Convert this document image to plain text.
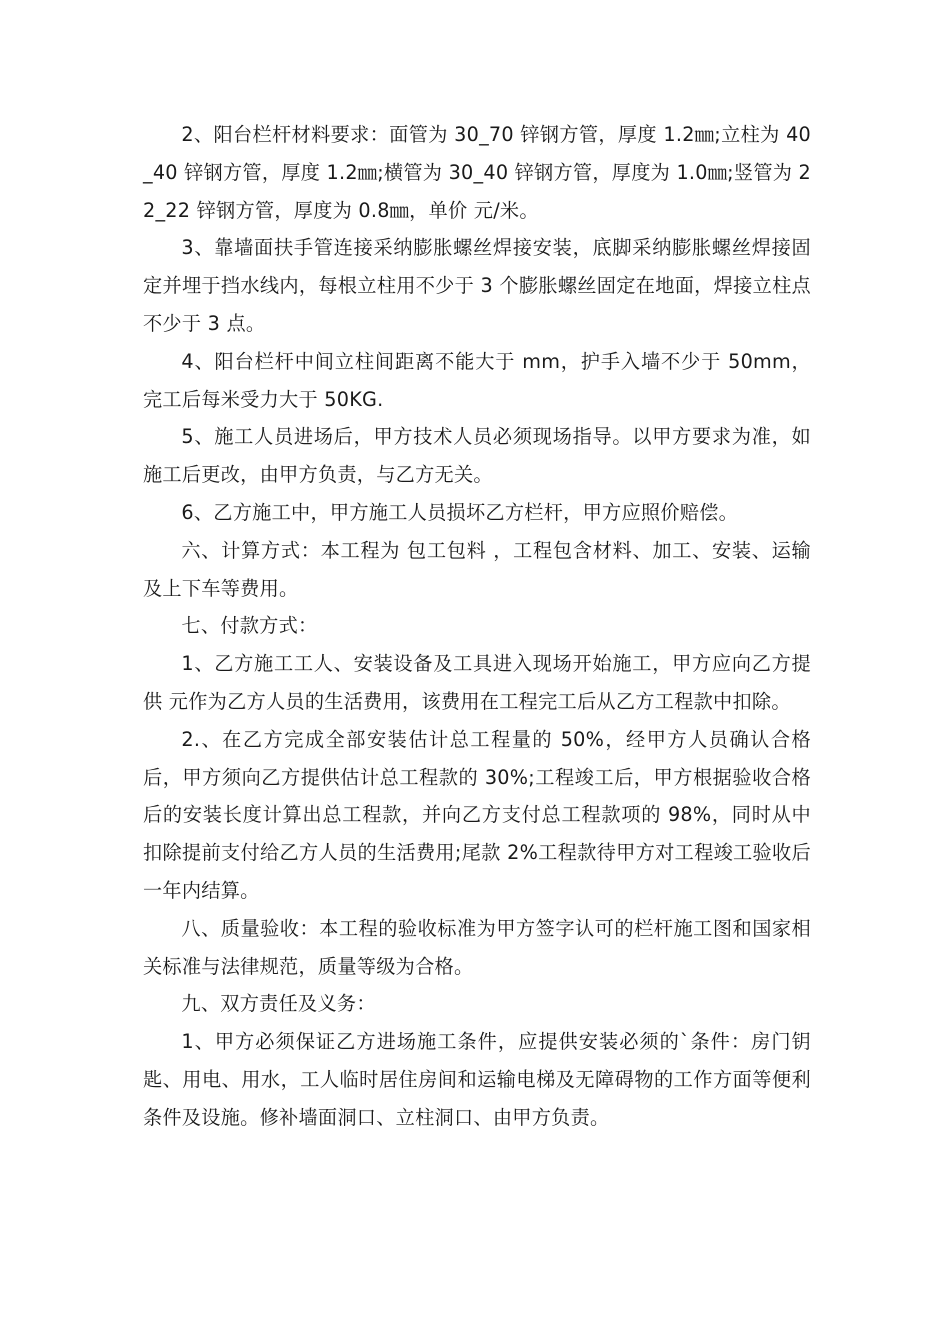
2、阳台栏杆材料要求：面管为 30_70 锌钢方管，厚度 1.2㎜;立柱为 40_40 锌钢方管，厚度 1.2㎜;横管为 30_40 锌钢方管，厚度为 1.0㎜;竖管为 22_22 锌钢方管，厚度为 0.8㎜，单价 元/米。

3、靠墙面扶手管连接采纳膨胀螺丝焊接安装，底脚采纳膨胀螺丝焊接固定并埋于挡水线内，每根立柱用不少于 3 个膨胀螺丝固定在地面，焊接立柱点不少于 3 点。

4、阳台栏杆中间立柱间距离不能大于 mm，护手入墙不少于 50mm，完工后每米受力大于 50KG.

5、施工人员进场后，甲方技术人员必须现场指导。以甲方要求为准，如施工后更改，由甲方负责，与乙方无关。

6、乙方施工中，甲方施工人员损坏乙方栏杆，甲方应照价赔偿。

六、计算方式：本工程为 包工包料 ，工程包含材料、加工、安装、运输及上下车等费用。

七、付款方式：

1、乙方施工工人、安装设备及工具进入现场开始施工，甲方应向乙方提供 元作为乙方人员的生活费用，该费用在工程完工后从乙方工程款中扣除。

2.、在乙方完成全部安装估计总工程量的 50%，经甲方人员确认合格后，甲方须向乙方提供估计总工程款的 30%;工程竣工后，甲方根据验收合格后的安装长度计算出总工程款，并向乙方支付总工程款项的 98%，同时从中扣除提前支付给乙方人员的生活费用;尾款 2%工程款待甲方对工程竣工验收后一年内结算。

八、质量验收：本工程的验收标准为甲方签字认可的栏杆施工图和国家相关标准与法律规范，质量等级为合格。

九、双方责任及义务：

1、甲方必须保证乙方进场施工条件，应提供安装必须的`条件：房门钥匙、用电、用水，工人临时居住房间和运输电梯及无障碍物的工作方面等便利条件及设施。修补墙面洞口、立柱洞口、由甲方负责。
